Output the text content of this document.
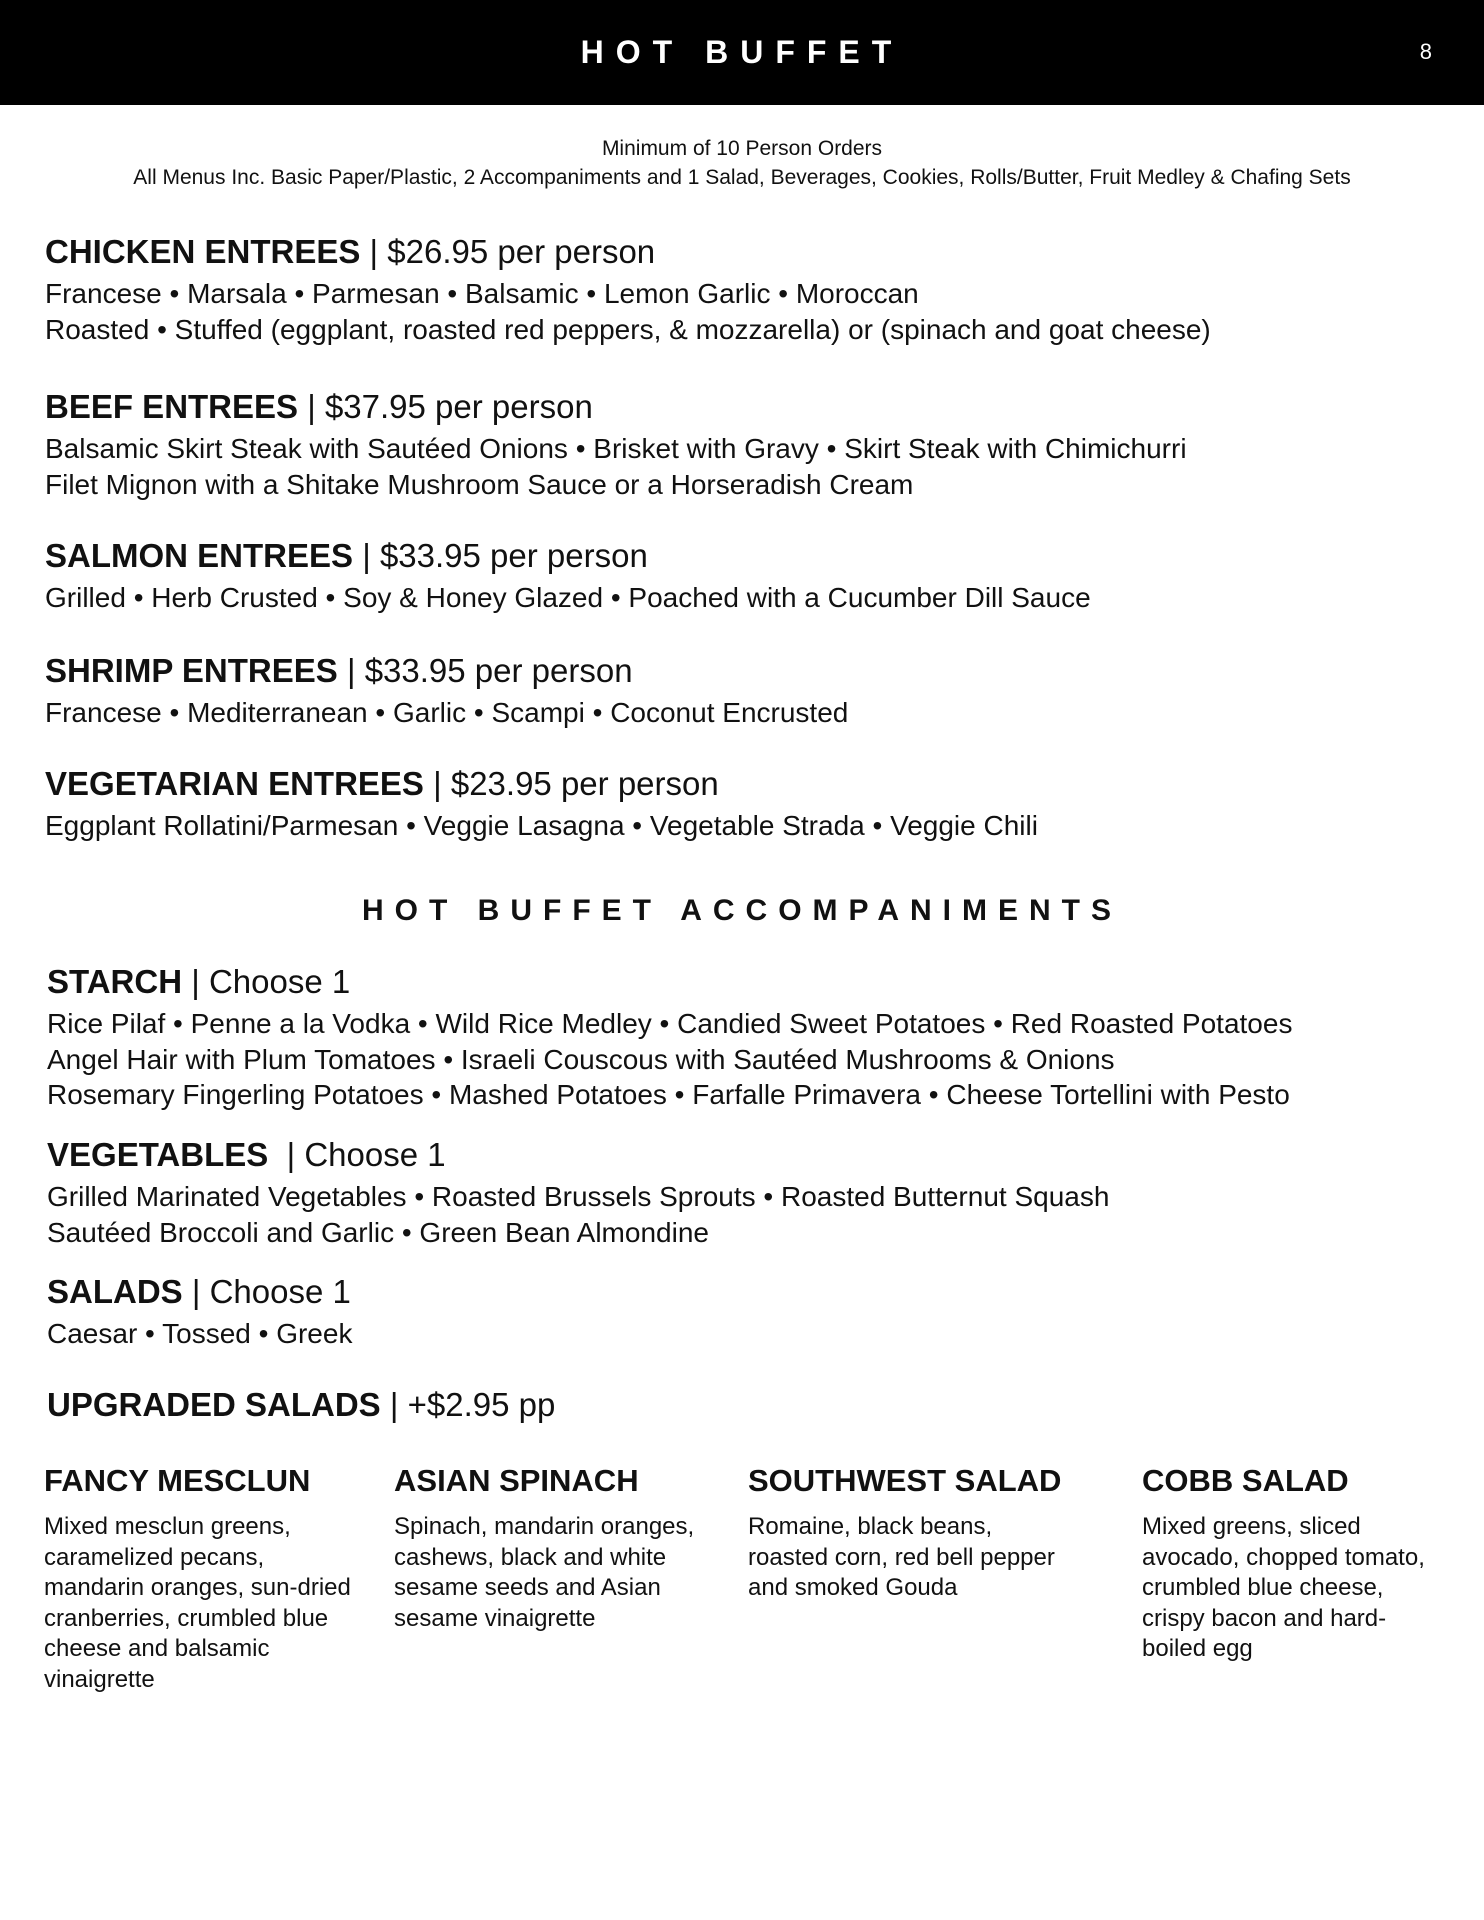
HOT BUFFET	8
Minimum of 10 Person Orders
All Menus Inc. Basic Paper/Plastic, 2 Accompaniments and 1 Salad, Beverages, Cookies, Rolls/Butter, Fruit Medley & Chafing Sets
CHICKEN ENTREES | $26.95 per person
Francese • Marsala • Parmesan • Balsamic • Lemon Garlic • Moroccan
Roasted • Stuffed (eggplant, roasted red peppers, & mozzarella) or (spinach and goat cheese)
BEEF ENTREES | $37.95 per person
Balsamic Skirt Steak with Sautéed Onions • Brisket with Gravy • Skirt Steak with Chimichurri
Filet Mignon with a Shitake Mushroom Sauce or a Horseradish Cream
SALMON ENTREES | $33.95 per person
Grilled • Herb Crusted • Soy & Honey Glazed • Poached with a Cucumber Dill Sauce
SHRIMP ENTREES | $33.95 per person
Francese • Mediterranean • Garlic • Scampi • Coconut Encrusted
VEGETARIAN ENTREES | $23.95 per person
Eggplant Rollatini/Parmesan • Veggie Lasagna • Vegetable Strada • Veggie Chili
HOT BUFFET ACCOMPANIMENTS
STARCH | Choose 1
Rice Pilaf • Penne a la Vodka • Wild Rice Medley • Candied Sweet Potatoes • Red Roasted Potatoes
Angel Hair with Plum Tomatoes • Israeli Couscous with Sautéed Mushrooms & Onions
Rosemary Fingerling Potatoes • Mashed Potatoes • Farfalle Primavera • Cheese Tortellini with Pesto
VEGETABLES  | Choose 1
Grilled Marinated Vegetables • Roasted Brussels Sprouts • Roasted Butternut Squash
Sautéed Broccoli and Garlic • Green Bean Almondine
SALADS | Choose 1
Caesar • Tossed • Greek
UPGRADED SALADS | +$2.95 pp
FANCY MESCLUN
Mixed mesclun greens, caramelized pecans, mandarin oranges, sun-dried cranberries, crumbled blue cheese and balsamic vinaigrette
ASIAN SPINACH
Spinach, mandarin oranges, cashews, black and white sesame seeds and Asian sesame vinaigrette
SOUTHWEST SALAD
Romaine, black beans, roasted corn, red bell pepper and smoked Gouda
COBB SALAD
Mixed greens, sliced avocado, chopped tomato, crumbled blue cheese, crispy bacon and hard-boiled egg
